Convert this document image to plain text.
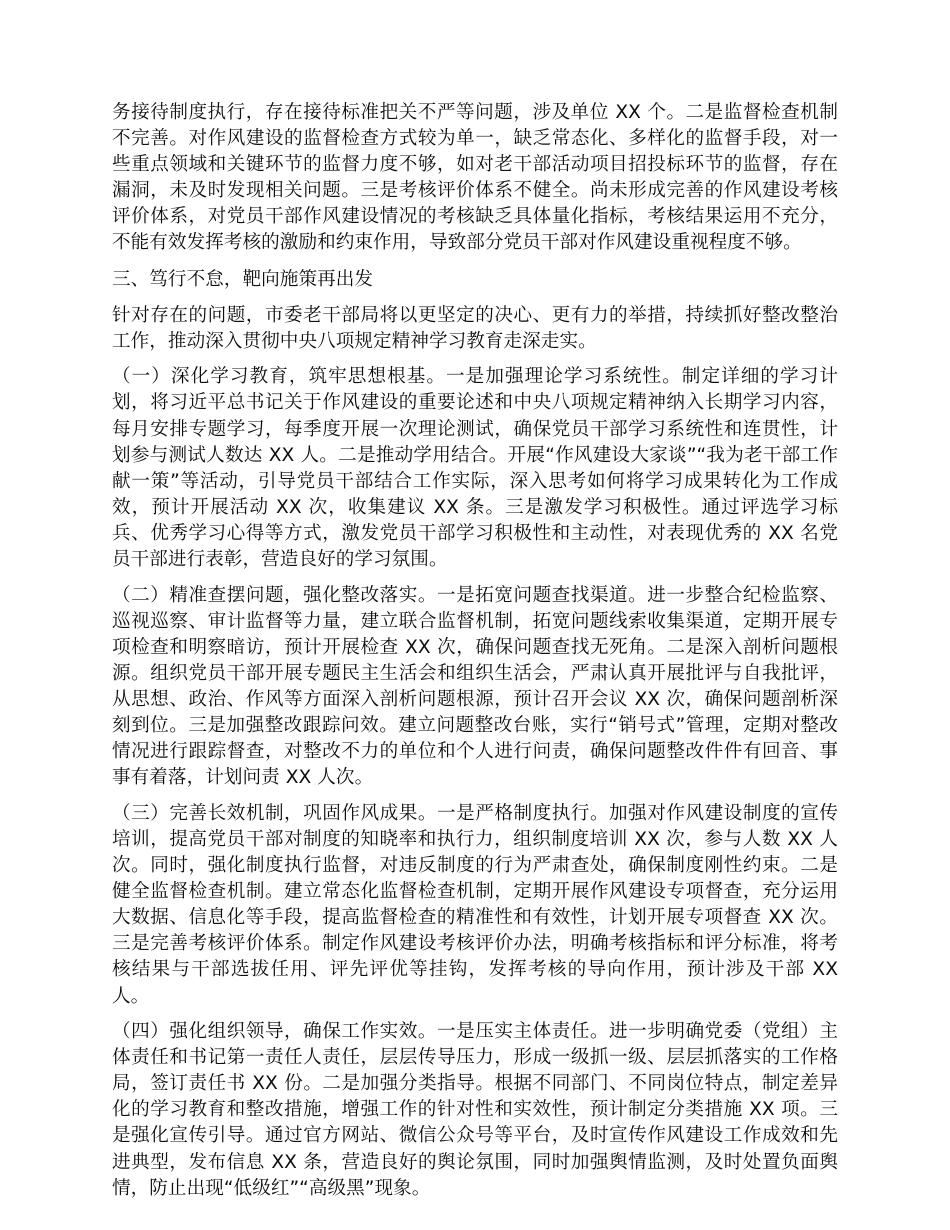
务接待制度执行，存在接待标准把关不严等问题，涉及单位 XX 个。二是监督检查机制不完善。对作风建设的监督检查方式较为单一，缺乏常态化、多样化的监督手段，对一些重点领域和关键环节的监督力度不够，如对老干部活动项目招投标环节的监督，存在漏洞，未及时发现相关问题。三是考核评价体系不健全。尚未形成完善的作风建设考核评价体系，对党员干部作风建设情况的考核缺乏具体量化指标，考核结果运用不充分，不能有效发挥考核的激励和约束作用，导致部分党员干部对作风建设重视程度不够。

三、笃行不怠，靶向施策再出发

针对存在的问题，市委老干部局将以更坚定的决心、更有力的举措，持续抓好整改整治工作，推动深入贯彻中央八项规定精神学习教育走深走实。

（一）深化学习教育，筑牢思想根基。一是加强理论学习系统性。制定详细的学习计划，将习近平总书记关于作风建设的重要论述和中央八项规定精神纳入长期学习内容，每月安排专题学习，每季度开展一次理论测试，确保党员干部学习系统性和连贯性，计划参与测试人数达 XX 人。二是推动学用结合。开展“作风建设大家谈”“我为老干部工作献一策”等活动，引导党员干部结合工作实际，深入思考如何将学习成果转化为工作成效，预计开展活动 XX 次，收集建议 XX 条。三是激发学习积极性。通过评选学习标兵、优秀学习心得等方式，激发党员干部学习积极性和主动性，对表现优秀的 XX 名党员干部进行表彰，营造良好的学习氛围。

（二）精准查摆问题，强化整改落实。一是拓宽问题查找渠道。进一步整合纪检监察、巡视巡察、审计监督等力量，建立联合监督机制，拓宽问题线索收集渠道，定期开展专项检查和明察暗访，预计开展检查 XX 次，确保问题查找无死角。二是深入剖析问题根源。组织党员干部开展专题民主生活会和组织生活会，严肃认真开展批评与自我批评，从思想、政治、作风等方面深入剖析问题根源，预计召开会议 XX 次，确保问题剖析深刻到位。三是加强整改跟踪问效。建立问题整改台账，实行“销号式”管理，定期对整改情况进行跟踪督查，对整改不力的单位和个人进行问责，确保问题整改件件有回音、事事有着落，计划问责 XX 人次。

（三）完善长效机制，巩固作风成果。一是严格制度执行。加强对作风建设制度的宣传培训，提高党员干部对制度的知晓率和执行力，组织制度培训 XX 次，参与人数 XX 人次。同时，强化制度执行监督，对违反制度的行为严肃查处，确保制度刚性约束。二是健全监督检查机制。建立常态化监督检查机制，定期开展作风建设专项督查，充分运用大数据、信息化等手段，提高监督检查的精准性和有效性，计划开展专项督查 XX 次。三是完善考核评价体系。制定作风建设考核评价办法，明确考核指标和评分标准，将考核结果与干部选拔任用、评先评优等挂钩，发挥考核的导向作用，预计涉及干部 XX 人。

（四）强化组织领导，确保工作实效。一是压实主体责任。进一步明确党委（党组）主体责任和书记第一责任人责任，层层传导压力，形成一级抓一级、层层抓落实的工作格局，签订责任书 XX 份。二是加强分类指导。根据不同部门、不同岗位特点，制定差异化的学习教育和整改措施，增强工作的针对性和实效性，预计制定分类措施 XX 项。三是强化宣传引导。通过官方网站、微信公众号等平台，及时宣传作风建设工作成效和先进典型，发布信息 XX 条，营造良好的舆论氛围，同时加强舆情监测，及时处置负面舆情，防止出现“低级红”“高级黑”现象。
